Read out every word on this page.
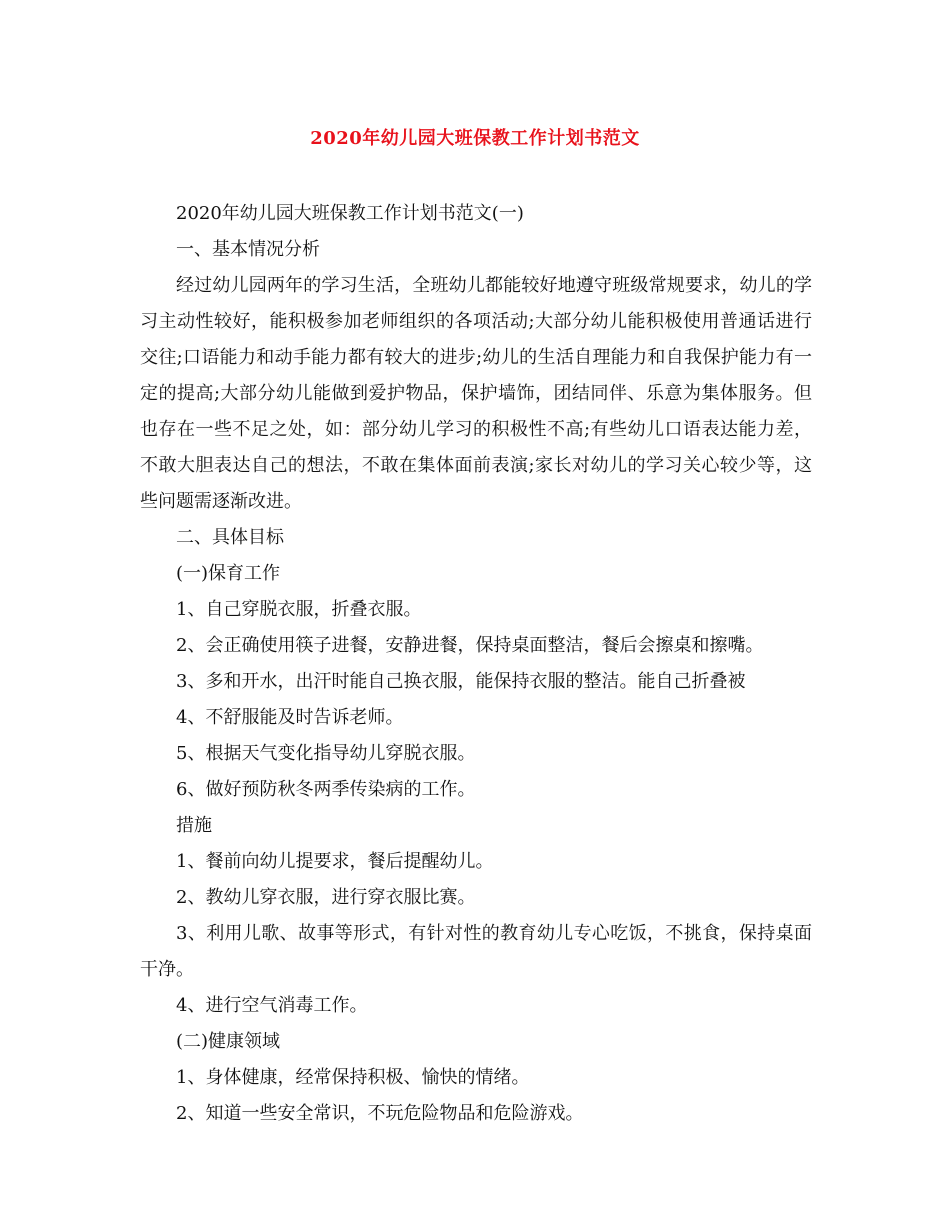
2020年幼儿园大班保教工作计划书范文

2020年幼儿园大班保教工作计划书范文(一)

一、基本情况分析

经过幼儿园两年的学习生活，全班幼儿都能较好地遵守班级常规要求，幼儿的学习主动性较好，能积极参加老师组织的各项活动;大部分幼儿能积极使用普通话进行交往;口语能力和动手能力都有较大的进步;幼儿的生活自理能力和自我保护能力有一定的提高;大部分幼儿能做到爱护物品，保护墙饰，团结同伴、乐意为集体服务。但也存在一些不足之处，如：部分幼儿学习的积极性不高;有些幼儿口语表达能力差，不敢大胆表达自己的想法，不敢在集体面前表演;家长对幼儿的学习关心较少等，这些问题需逐渐改进。

二、具体目标

(一)保育工作

1、自己穿脱衣服，折叠衣服。

2、会正确使用筷子进餐，安静进餐，保持桌面整洁，餐后会擦桌和擦嘴。

3、多和开水，出汗时能自己换衣服，能保持衣服的整洁。能自己折叠被

4、不舒服能及时告诉老师。

5、根据天气变化指导幼儿穿脱衣服。

6、做好预防秋冬两季传染病的工作。

措施

1、餐前向幼儿提要求，餐后提醒幼儿。

2、教幼儿穿衣服，进行穿衣服比赛。

3、利用儿歌、故事等形式，有针对性的教育幼儿专心吃饭，不挑食，保持桌面干净。

4、进行空气消毒工作。

(二)健康领域

1、身体健康，经常保持积极、愉快的情绪。

2、知道一些安全常识，不玩危险物品和危险游戏。
